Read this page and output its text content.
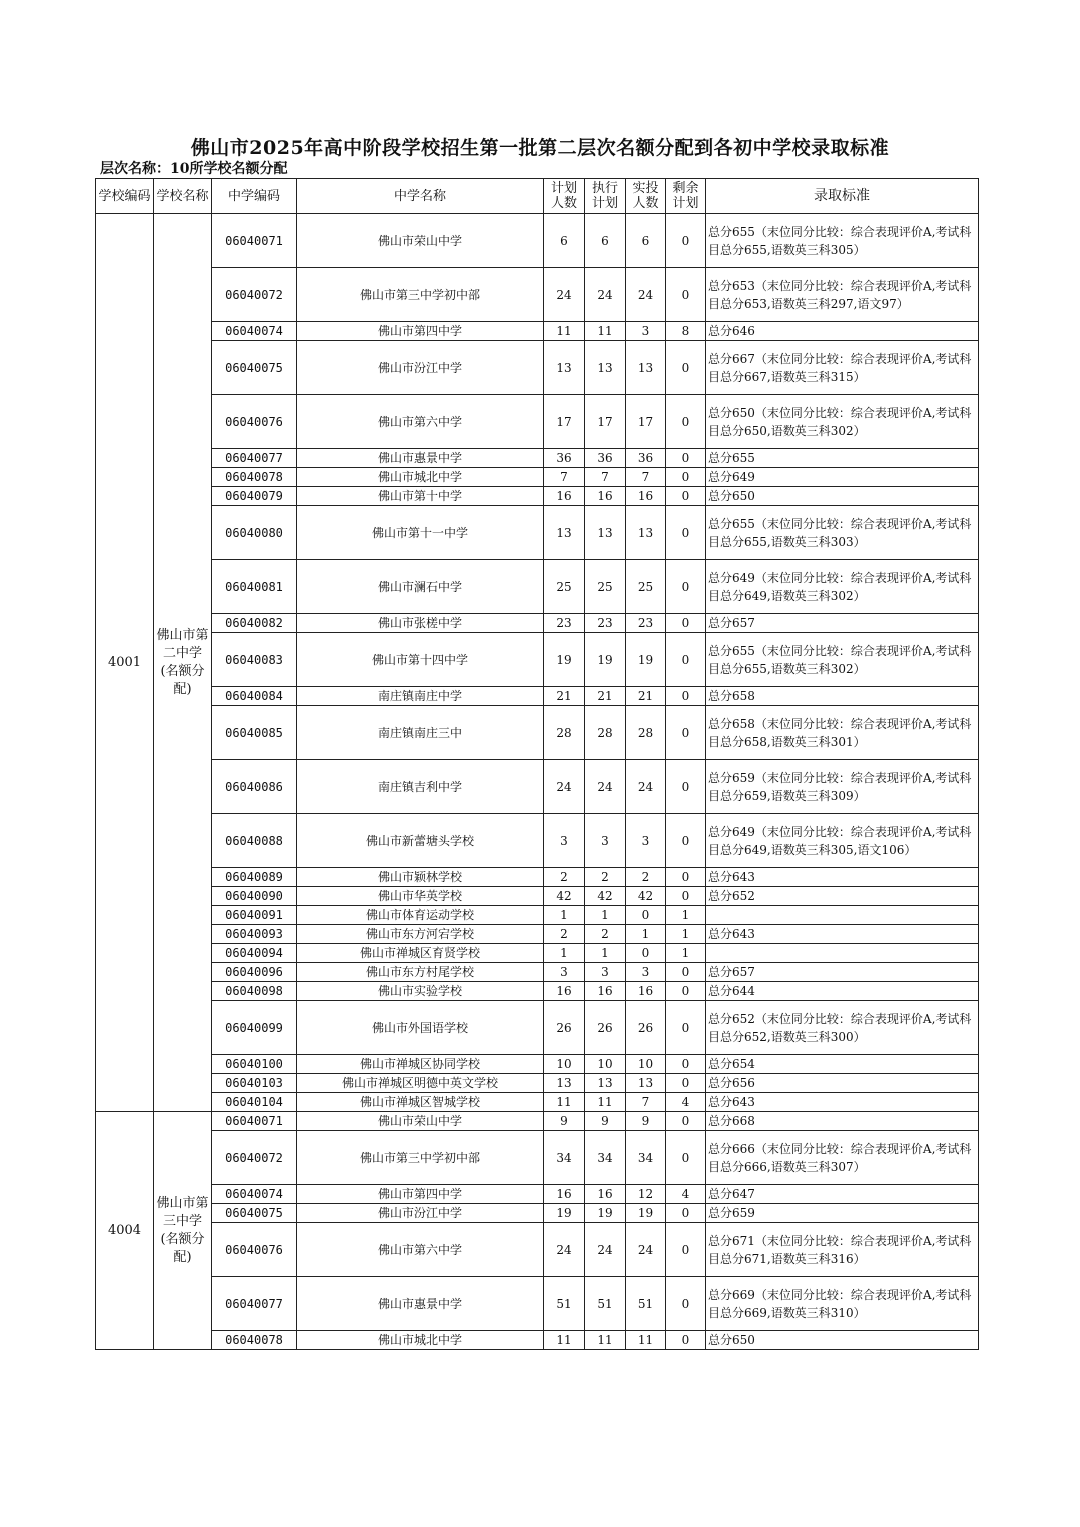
佛山市2025年高中阶段学校招生第一批第二层次名额分配到各初中学校录取标准
层次名称：10所学校名额分配
学校编码	学校名称	中学编码	中学名称	计划人数	执行计划	实投人数	剩余计划	录取标准
4001	佛山市第二中学(名额分配)	06040071	佛山市荣山中学	6	6	6	0	总分655（末位同分比较：综合表现评价A,考试科目总分655,语数英三科305）
		06040072	佛山市第三中学初中部	24	24	24	0	总分653（末位同分比较：综合表现评价A,考试科目总分653,语数英三科297,语文97）
		06040074	佛山市第四中学	11	11	3	8	总分646
		06040075	佛山市汾江中学	13	13	13	0	总分667（末位同分比较：综合表现评价A,考试科目总分667,语数英三科315）
		06040076	佛山市第六中学	17	17	17	0	总分650（末位同分比较：综合表现评价A,考试科目总分650,语数英三科302）
		06040077	佛山市惠景中学	36	36	36	0	总分655
		06040078	佛山市城北中学	7	7	7	0	总分649
		06040079	佛山市第十中学	16	16	16	0	总分650
		06040080	佛山市第十一中学	13	13	13	0	总分655（末位同分比较：综合表现评价A,考试科目总分655,语数英三科303）
		06040081	佛山市澜石中学	25	25	25	0	总分649（末位同分比较：综合表现评价A,考试科目总分649,语数英三科302）
		06040082	佛山市张槎中学	23	23	23	0	总分657
		06040083	佛山市第十四中学	19	19	19	0	总分655（末位同分比较：综合表现评价A,考试科目总分655,语数英三科302）
		06040084	南庄镇南庄中学	21	21	21	0	总分658
		06040085	南庄镇南庄三中	28	28	28	0	总分658（末位同分比较：综合表现评价A,考试科目总分658,语数英三科301）
		06040086	南庄镇吉利中学	24	24	24	0	总分659（末位同分比较：综合表现评价A,考试科目总分659,语数英三科309）
		06040088	佛山市新蕾塘头学校	3	3	3	0	总分649（末位同分比较：综合表现评价A,考试科目总分649,语数英三科305,语文106）
		06040089	佛山市颖林学校	2	2	2	0	总分643
		06040090	佛山市华英学校	42	42	42	0	总分652
		06040091	佛山市体育运动学校	1	1	0	1	
		06040093	佛山市东方河宕学校	2	2	1	1	总分643
		06040094	佛山市禅城区育贤学校	1	1	0	1	
		06040096	佛山市东方村尾学校	3	3	3	0	总分657
		06040098	佛山市实验学校	16	16	16	0	总分644
		06040099	佛山市外国语学校	26	26	26	0	总分652（末位同分比较：综合表现评价A,考试科目总分652,语数英三科300）
		06040100	佛山市禅城区协同学校	10	10	10	0	总分654
		06040103	佛山市禅城区明德中英文学校	13	13	13	0	总分656
		06040104	佛山市禅城区智城学校	11	11	7	4	总分643
4004	佛山市第三中学(名额分配)	06040071	佛山市荣山中学	9	9	9	0	总分668
		06040072	佛山市第三中学初中部	34	34	34	0	总分666（末位同分比较：综合表现评价A,考试科目总分666,语数英三科307）
		06040074	佛山市第四中学	16	16	12	4	总分647
		06040075	佛山市汾江中学	19	19	19	0	总分659
		06040076	佛山市第六中学	24	24	24	0	总分671（末位同分比较：综合表现评价A,考试科目总分671,语数英三科316）
		06040077	佛山市惠景中学	51	51	51	0	总分669（末位同分比较：综合表现评价A,考试科目总分669,语数英三科310）
		06040078	佛山市城北中学	11	11	11	0	总分650
